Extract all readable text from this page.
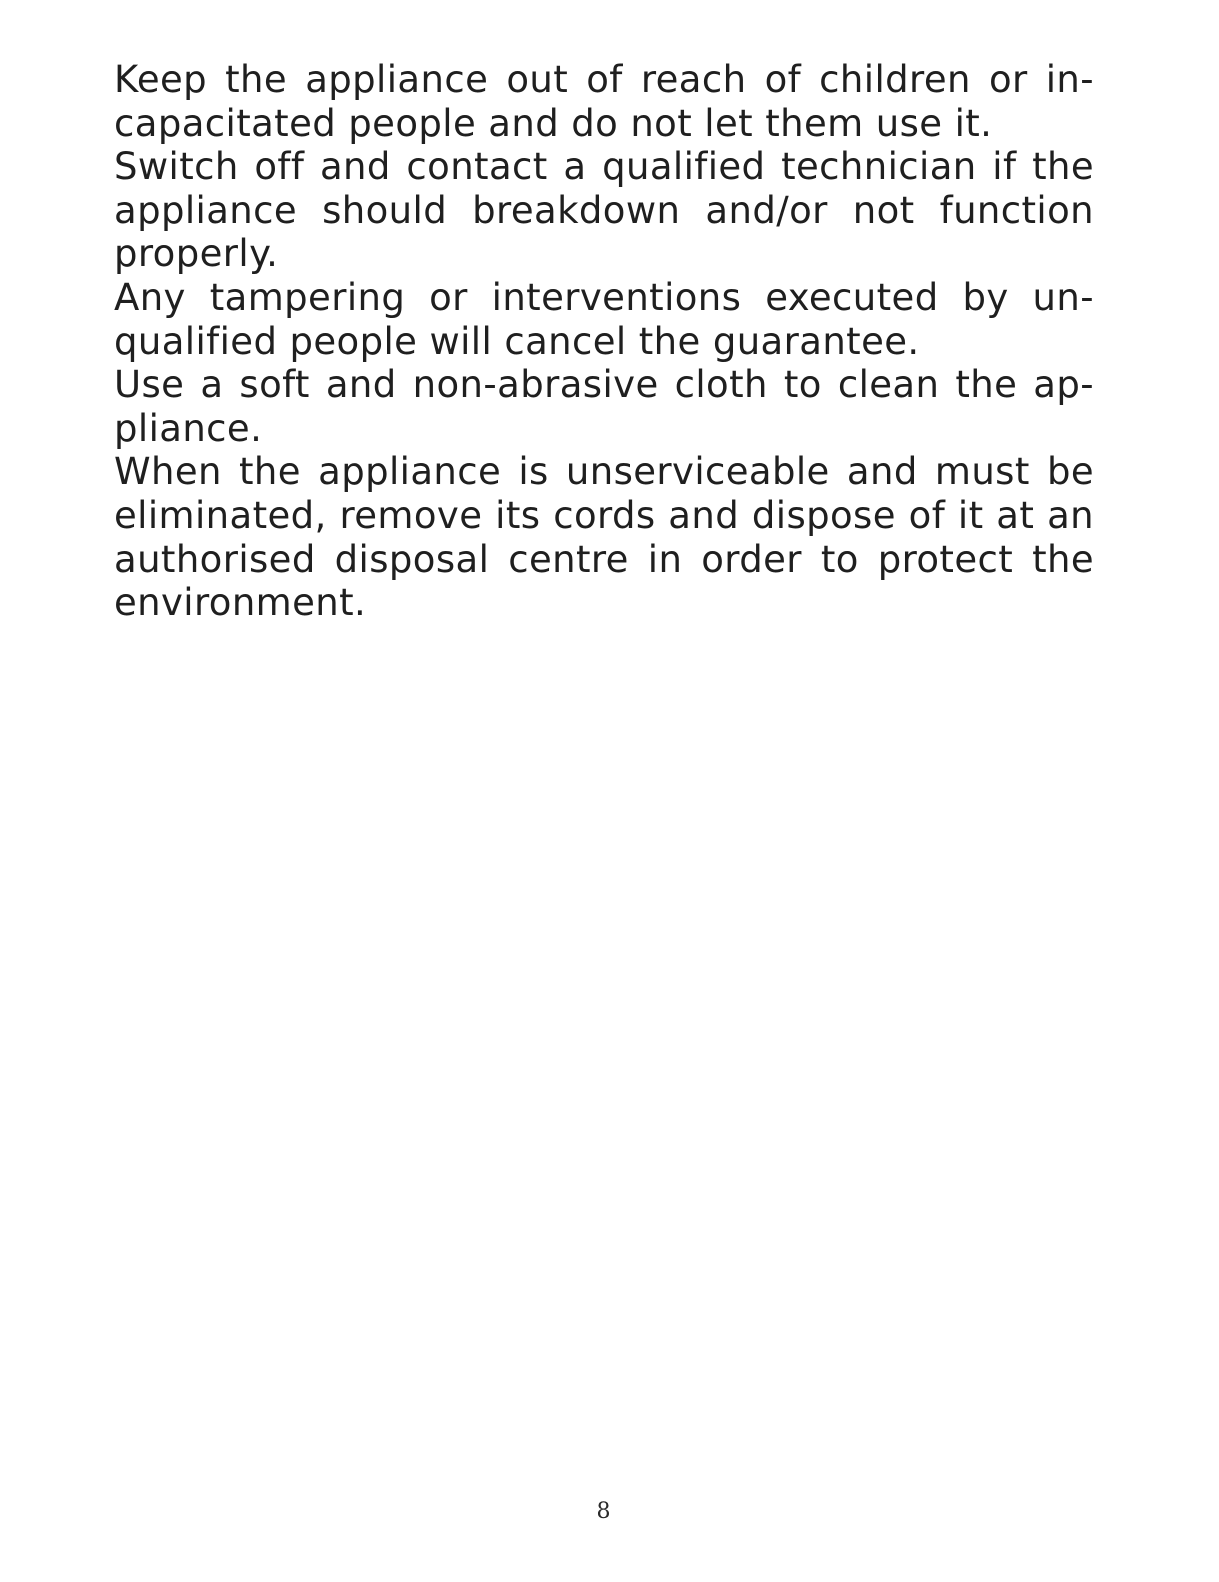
Keep the appliance out of reach of children or in-capacitated people and do not let them use it.

Switch off and contact a qualified technician if the appliance should breakdown and/or not function properly.

Any tampering or interventions executed by un-qualified people will cancel the guarantee.

Use a soft and non-abrasive cloth to clean the ap-pliance.

When the appliance is unserviceable and must be eliminated, remove its cords and dispose of it at an authorised disposal centre in order to protect the environment.

8
